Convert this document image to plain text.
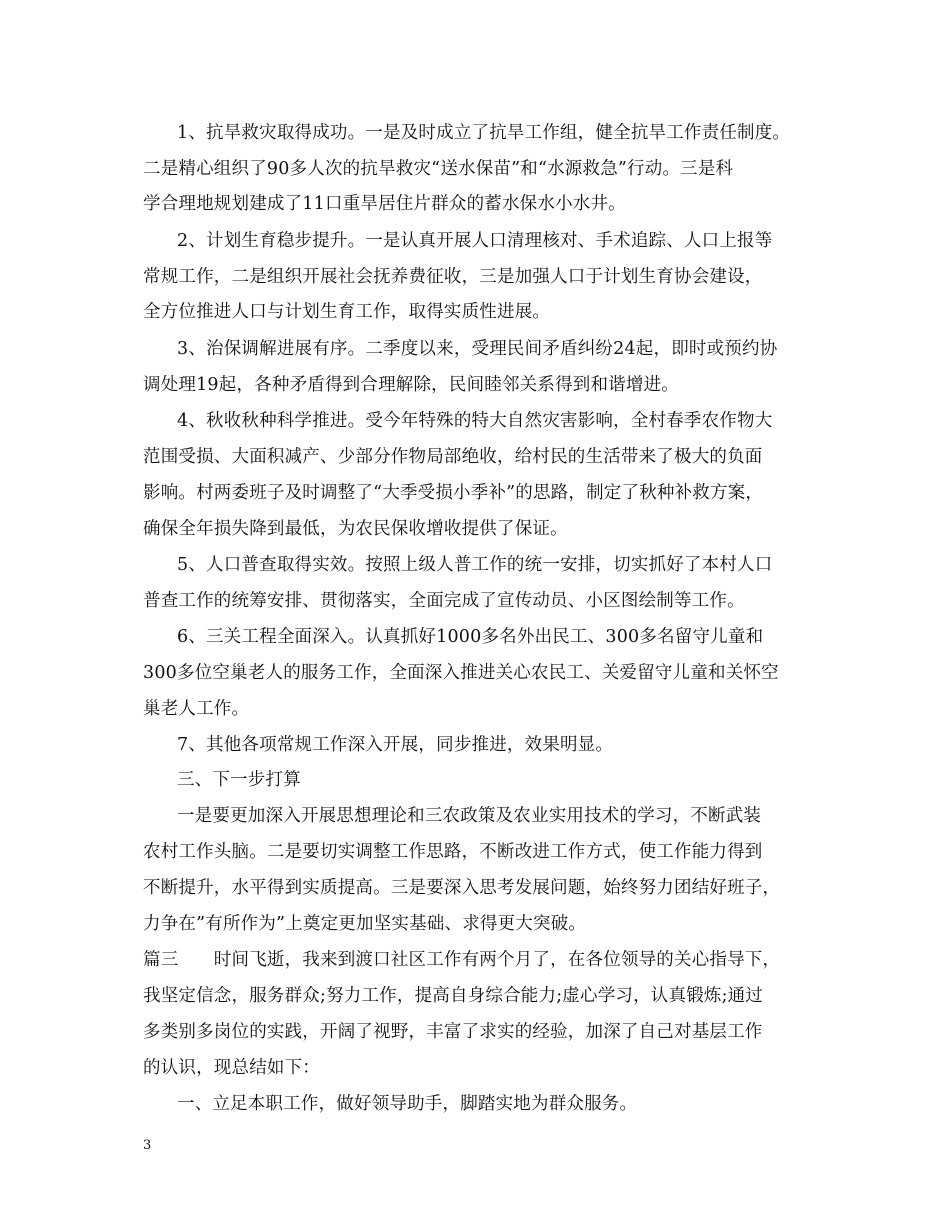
1、抗旱救灾取得成功。一是及时成立了抗旱工作组，健全抗旱工作责任制度。
二是精心组织了90多人次的抗旱救灾“送水保苗”和“水源救急”行动。三是科
学合理地规划建成了11口重旱居住片群众的蓄水保水小水井。
2、计划生育稳步提升。一是认真开展人口清理核对、手术追踪、人口上报等
常规工作，二是组织开展社会抚养费征收，三是加强人口于计划生育协会建设，
全方位推进人口与计划生育工作，取得实质性进展。
3、治保调解进展有序。二季度以来，受理民间矛盾纠纷24起，即时或预约协
调处理19起，各种矛盾得到合理解除，民间睦邻关系得到和谐增进。
4、秋收秋种科学推进。受今年特殊的特大自然灾害影响，全村春季农作物大
范围受损、大面积减产、少部分作物局部绝收，给村民的生活带来了极大的负面
影响。村两委班子及时调整了“大季受损小季补”的思路，制定了秋种补救方案，
确保全年损失降到最低，为农民保收增收提供了保证。
5、人口普查取得实效。按照上级人普工作的统一安排，切实抓好了本村人口
普查工作的统筹安排、贯彻落实，全面完成了宣传动员、小区图绘制等工作。
6、三关工程全面深入。认真抓好1000多名外出民工、300多名留守儿童和
300多位空巢老人的服务工作，全面深入推进关心农民工、关爱留守儿童和关怀空
巢老人工作。
7、其他各项常规工作深入开展，同步推进，效果明显。
三、下一步打算
一是要更加深入开展思想理论和三农政策及农业实用技术的学习，不断武装
农村工作头脑。二是要切实调整工作思路，不断改进工作方式，使工作能力得到
不断提升，水平得到实质提高。三是要深入思考发展问题，始终努力团结好班子，
力争在”有所作为”上奠定更加坚实基础、求得更大突破。
篇三　　时间飞逝，我来到渡口社区工作有两个月了，在各位领导的关心指导下，
我坚定信念，服务群众;努力工作，提高自身综合能力;虚心学习，认真锻炼;通过
多类别多岗位的实践，开阔了视野，丰富了求实的经验，加深了自己对基层工作
的认识，现总结如下：
一、立足本职工作，做好领导助手，脚踏实地为群众服务。
3
